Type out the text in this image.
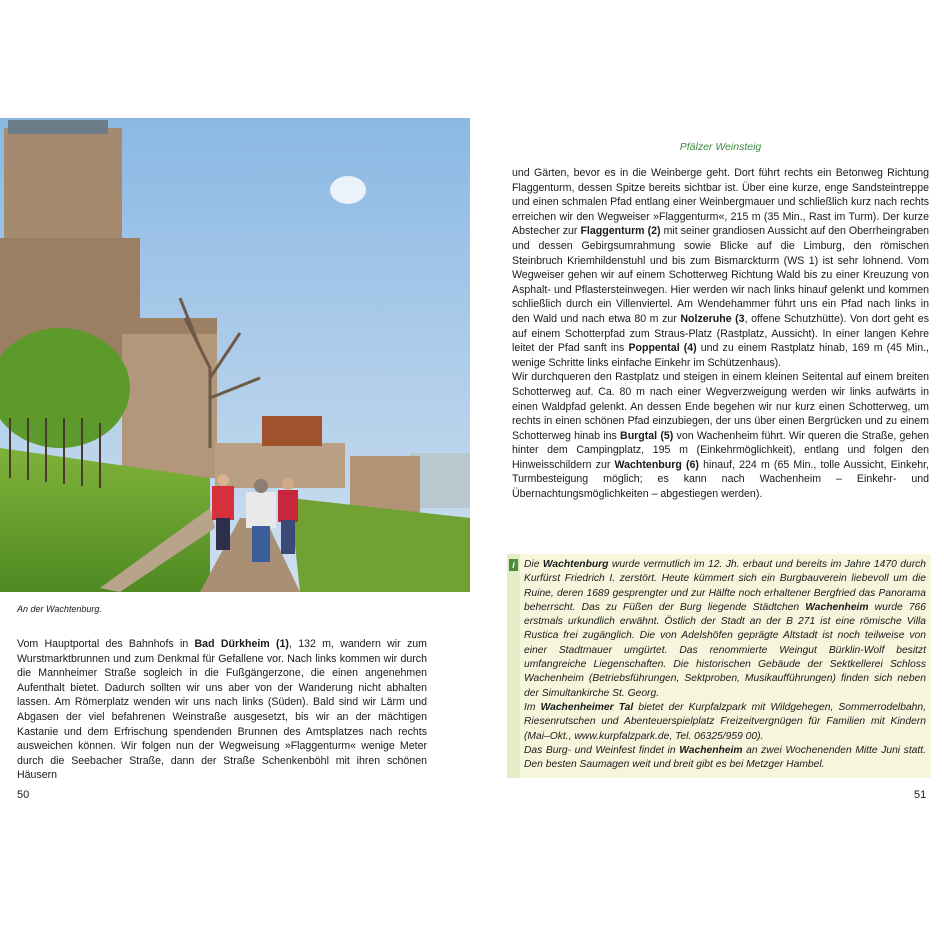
An der Wachtenburg.

Vom Hauptportal des Bahnhofs in Bad Dürkheim (1), 132 m, wandern wir zum Wurstmarktbrunnen und zum Denkmal für Gefallene vor. Nach links kommen wir durch die Mannheimer Straße sogleich in die Fußgängerzone, die einen angenehmen Aufenthalt bietet. Dadurch sollten wir uns aber von der Wanderung nicht abhalten lassen. Am Römerplatz wenden wir uns nach links (Süden). Bald sind wir Lärm und Abgasen der viel befahrenen Weinstraße ausgesetzt, bis wir an der mächtigen Kastanie und dem Erfrischung spendenden Brunnen des Amtsplatzes nach rechts ausweichen können. Wir folgen nun der Wegweisung »Flaggenturm« wenige Meter durch die Seebacher Straße, dann der Straße Schenkenböhl mit ihren schönen Häusern

50
Pfälzer Weinsteig

und Gärten, bevor es in die Weinberge geht. Dort führt rechts ein Betonweg Richtung Flaggenturm, dessen Spitze bereits sichtbar ist. Über eine kurze, enge Sandsteintreppe und einen schmalen Pfad entlang einer Weinbergmauer und schließlich kurz nach rechts erreichen wir den Wegweiser »Flaggenturm«, 215 m (35 Min., Rast im Turm). Der kurze Abstecher zur Flaggenturm (2) mit seiner grandiosen Aussicht auf den Oberrheingraben und dessen Gebirgsumrahmung sowie Blicke auf die Limburg, den römischen Steinbruch Kriemhildenstuhl und bis zum Bismarckturm (WS 1) ist sehr lohnend. Vom Wegweiser gehen wir auf einem Schotterweg Richtung Wald bis zu einer Kreuzung von Asphalt- und Pflastersteinwegen. Hier werden wir nach links hinauf gelenkt und kommen schließlich durch ein Villenviertel. Am Wendehammer führt uns ein Pfad nach links in den Wald und nach etwa 80 m zur Nolzeruhe (3, offene Schutzhütte). Von dort geht es auf einem Schotterpfad zum Straus-Platz (Rastplatz, Aussicht). In einer langen Kehre leitet der Pfad sanft ins Poppental (4) und zu einem Rastplatz hinab, 169 m (45 Min., wenige Schritte links einfache Einkehr im Schützenhaus).

Wir durchqueren den Rastplatz und steigen in einem kleinen Seitental auf einem breiten Schotterweg auf. Ca. 80 m nach einer Wegverzweigung werden wir links aufwärts in einen Waldpfad gelenkt. An dessen Ende begehen wir nur kurz einen Schotterweg, um rechts in einen schönen Pfad einzubiegen, der uns über einen Bergrücken und zu einem Schotterweg hinab ins Burgtal (5) von Wachenheim führt. Wir queren die Straße, gehen hinter dem Campingplatz, 195 m (Einkehrmöglichkeit), entlang und folgen den Hinweisschildern zur Wachtenburg (6) hinauf, 224 m (65 Min., tolle Aussicht, Einkehr, Turmbesteigung möglich; es kann nach Wachenheim – Einkehr- und Übernachtungsmöglichkeiten – abgestiegen werden).

i Die Wachtenburg wurde vermutlich im 12. Jh. erbaut und bereits im Jahre 1470 durch Kurfürst Friedrich I. zerstört. Heute kümmert sich ein Burgbauverein liebevoll um die Ruine, deren 1689 gesprengter und zur Hälfte noch erhaltener Bergfried das Panorama beherrscht. Das zu Füßen der Burg liegende Städtchen Wachenheim wurde 766 erstmals urkundlich erwähnt. Östlich der Stadt an der B 271 ist eine römische Villa Rustica frei zugänglich. Die von Adelshöfen geprägte Altstadt ist noch teilweise von einer Stadtmauer umgürtet. Das renommierte Weingut Bürklin-Wolf besitzt umfangreiche Liegenschaften. Die historischen Gebäude der Sektkellerei Schloss Wachenheim (Betriebsführungen, Sektproben, Musikaufführungen) finden sich neben der Simultankirche St. Georg.

Im Wachenheimer Tal bietet der Kurpfalzpark mit Wildgehegen, Sommerrodelbahn, Riesenrutschen und Abenteuerspielplatz Freizeitvergnügen für Familien mit Kindern (Mai–Okt., www.kurpfalzpark.de, Tel. 06325/959 00).

Das Burg- und Weinfest findet in Wachenheim an zwei Wochenenden Mitte Juni statt. Den besten Saumagen weit und breit gibt es bei Metzger Hambel.

51
